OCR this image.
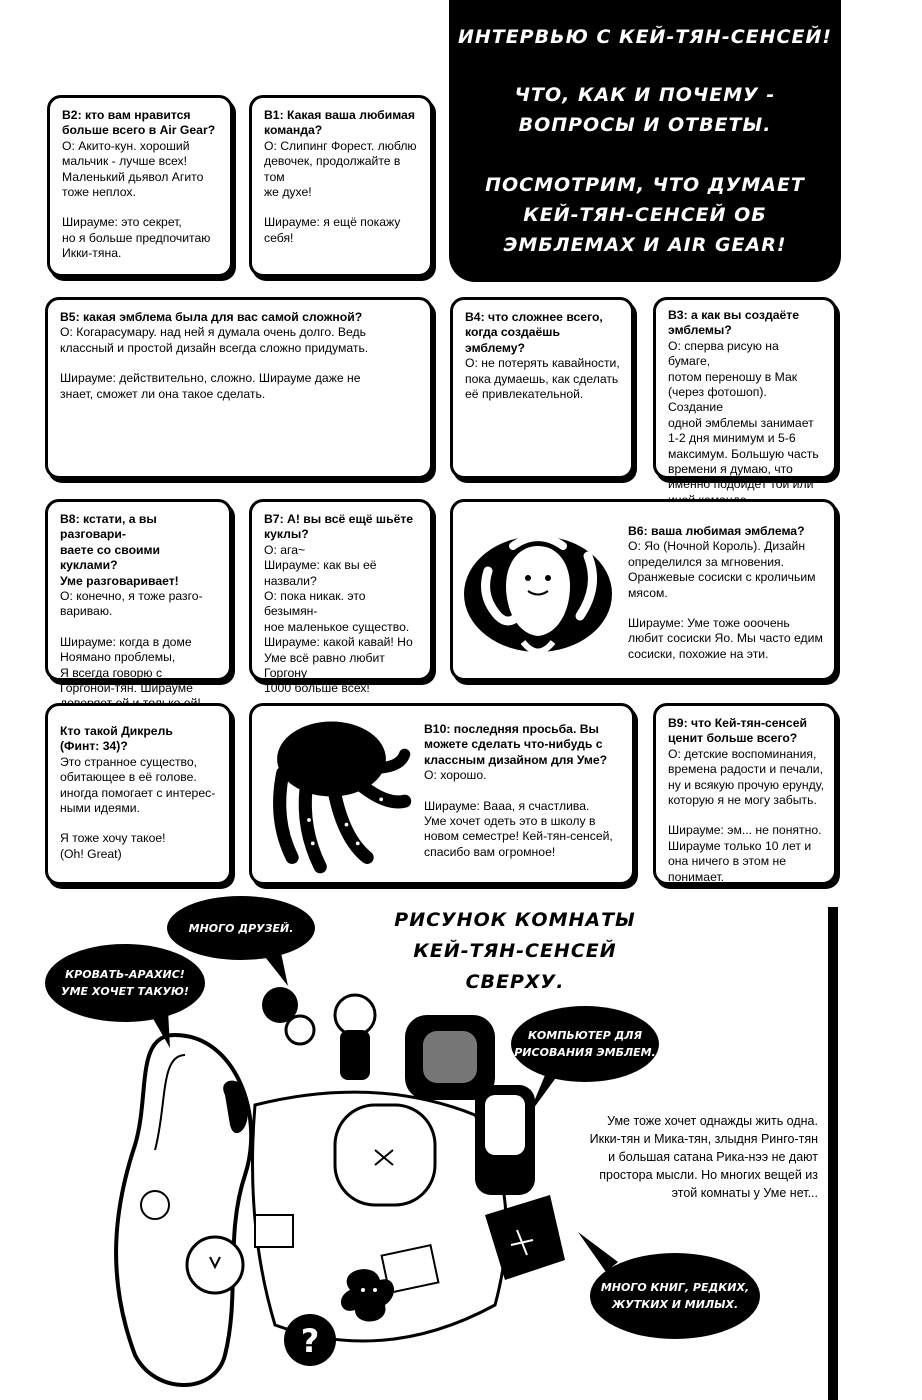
ИНТЕРВЬЮ С КЕЙ-ТЯН-СЕНСЕЙ!
ЧТО, КАК И ПОЧЕМУ -
ВОПРОСЫ И ОТВЕТЫ.
ПОСМОТРИМ, ЧТО ДУМАЕТ
КЕЙ-ТЯН-СЕНСЕЙ ОБ
ЭМБЛЕМАХ И AIR GEAR!
В2: кто вам нравится
больше всего в Air Gear?
О: Акито-кун. хороший
мальчик - лучше всех!
Маленький дьявол Агито
тоже неплох.
Ширауме: это секрет,
но я больше предпочитаю
Икки-тяна.
В1: Какая ваша любимая
команда?
О: Слипинг Форест. люблю
девочек, продолжайте в том
же духе!
Ширауме: я ещё покажу
себя!
В5: какая эмблема была для вас самой сложной?
О: Когарасумару. над ней я думала очень долго. Ведь
классный и простой дизайн всегда сложно придумать.
Ширауме: действительно, сложно. Ширауме даже не
знает, сможет ли она такое сделать.
В4: что сложнее всего,
когда создаёшь эмблему?
О: не потерять кавайности,
пока думаешь, как сделать
её привлекательной.
В3: а как вы создаёте
эмблемы?
О: сперва рисую на бумаге,
потом переношу в Мак
(через фотошоп). Создание
одной эмблемы занимает
1-2 дня минимум и 5-6
максимум. Большую часть
времени я думаю, что
именно подойдёт той или

В8: кстати, а вы разговари-
ваете со своими куклами?
Уме разговаривает!
О: конечно, я тоже разго-
вариваю.
Ширауме: когда в доме
Ноямано проблемы,
Я всегда говорю с
Горгоной-тян. Ширауме

В7: А! вы всё ещё шьёте
куклы?
О: ага~
Ширауме: как вы её назвали?
О: пока никак. это безымян-
ное маленькое существо.
Ширауме: какой кавай! Но
Уме всё равно любит Горгону
1000 больше всех!
В6: ваша любимая эмблема?
О: Яо (Ночной Король). Дизайн
определился за мгновения.
Оранжевые сосиски с кроличьим
мясом.
Ширауме: Уме тоже ооочень
любит сосиски Яо. Мы часто едим
сосиски, похожие на эти.
Кто такой Дикрель
(Финт: 34)?
Это странное существо,
обитающее в её голове.
иногда помогает с интерес-
ными идеями.
Я тоже хочу такое!
(Oh! Great)
В10: последняя просьба. Вы
можете сделать что-нибудь с
классным дизайном для Уме?
О: хорошо.
Ширауме: Вааа, я счастлива.
Уме хочет одеть это в школу в
новом семестре! Кей-тян-сенсей,
спасибо вам огромное!
В9: что Кей-тян-сенсей
ценит больше всего?
О: детские воспоминания,
времена радости и печали,
ну и всякую прочую ерунду,
которую я не могу забыть.
Ширауме: эм... не понятно.
Ширауме только 10 лет и
она ничего в этом не
понимает.
РИСУНОК КОМНАТЫ
КЕЙ-ТЯН-СЕНСЕЙ СВЕРХУ.
?
МНОГО ДРУЗЕЙ.
КРОВАТЬ-АРАХИС!
УМЕ ХОЧЕТ ТАКУЮ!
КОМПЬЮТЕР ДЛЯ
РИСОВАНИЯ ЭМБЛЕМ.
Уме тоже хочет однажды жить одна.
Икки-тян и Мика-тян, злыдня Ринго-тян
и большая сатана Рика-нээ не дают
простора мысли. Но многих вещей из
этой комнаты у Уме нет...
МНОГО КНИГ, РЕДКИХ,
ЖУТКИХ И МИЛЫХ.
